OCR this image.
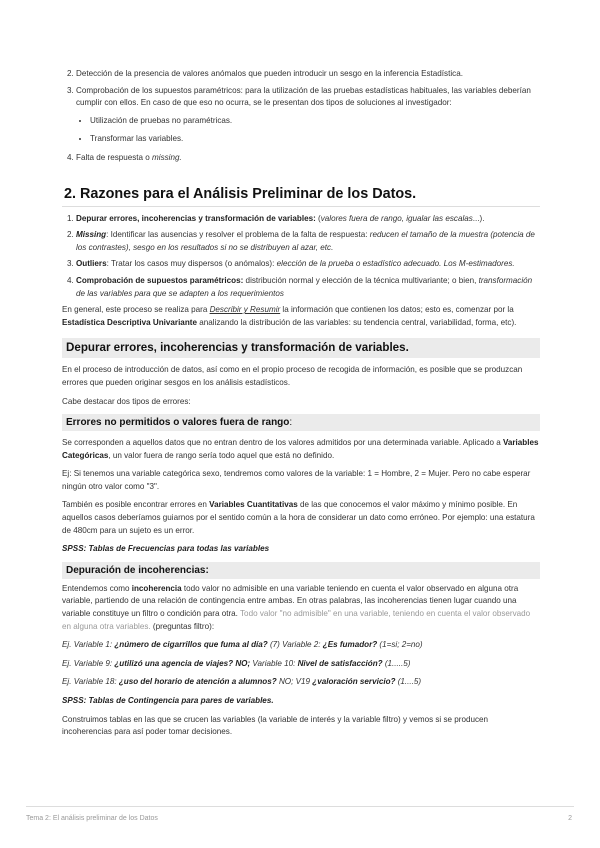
2. Detección de la presencia de valores anómalos que pueden introducir un sesgo en la inferencia Estadística.
3. Comprobación de los supuestos paramétricos: para la utilización de las pruebas estadísticas habituales, las variables deberían cumplir con ellos. En caso de que eso no ocurra, se le presentan dos tipos de soluciones al investigador:
• Utilización de pruebas no paramétricas.
• Transformar las variables.
4. Falta de respuesta o missing.
2. Razones para el Análisis Preliminar de los Datos.
1. Depurar errores, incoherencias y transformación de variables: (valores fuera de rango, igualar las escalas...).
2. Missing: Identificar las ausencias y resolver el problema de la falta de respuesta: reducen el tamaño de la muestra (potencia de los contrastes), sesgo en los resultados si no se distribuyen al azar, etc.
3. Outliers: Tratar los casos muy dispersos (o anómalos): elección de la prueba o estadístico adecuado. Los M-estimadores.
4. Comprobación de supuestos paramétricos: distribución normal y elección de la técnica multivariante; o bien, transformación de las variables para que se adapten a los requerimientos

En general, este proceso se realiza para Describir y Resumir la información que contienen los datos; esto es, comenzar por la Estadística Descriptiva Univariante analizando la distribución de las variables: su tendencia central, variabilidad, forma, etc).

Depurar errores, incoherencias y transformación de variables.

En el proceso de introducción de datos, así como en el propio proceso de recogida de información, es posible que se produzcan errores que pueden originar sesgos en los análisis estadísticos.

Cabe destacar dos tipos de errores:

Errores no permitidos o valores fuera de rango:

Se corresponden a aquellos datos que no entran dentro de los valores admitidos por una determinada variable. Aplicado a Variables Categóricas, un valor fuera de rango sería todo aquel que está no definido.

Ej: Si tenemos una variable categórica sexo, tendremos como valores de la variable: 1 = Hombre, 2 = Mujer. Pero no cabe esperar ningún otro valor como "3".

También es posible encontrar errores en Variables Cuantitativas de las que conocemos el valor máximo y mínimo posible. En aquellos casos deberíamos guiarnos por el sentido común a la hora de considerar un dato como erróneo. Por ejemplo: una estatura de 480cm para un sujeto es un error.

SPSS: Tablas de Frecuencias para todas las variables

Depuración de incoherencias:

Entendemos como incoherencia todo valor no admisible en una variable teniendo en cuenta el valor observado en alguna otra variable, partiendo de una relación de contingencia entre ambas. En otras palabras, las incoherencias tienen lugar cuando una variable constituye un filtro o condición para otra. Todo valor "no admisible" en una variable, teniendo en cuenta el valor observado en alguna otra variables. (preguntas filtro):

Ej. Variable 1: ¿número de cigarrillos que fuma al día? (7) Variable 2: ¿Es fumador? (1=si; 2=no)

Ej. Variable 9: ¿utilizó una agencia de viajes? NO; Variable 10: Nivel de satisfacción? (1.....5)

Ej. Variable 18: ¿uso del horario de atención a alumnos? NO; V19 ¿valoración servicio? (1....5)

SPSS: Tablas de Contingencia para pares de variables.

Construimos tablas en las que se crucen las variables (la variable de interés y la variable filtro) y vemos si se producen incoherencias para así poder tomar decisiones.

Tema 2: El análisis preliminar de los Datos	2
